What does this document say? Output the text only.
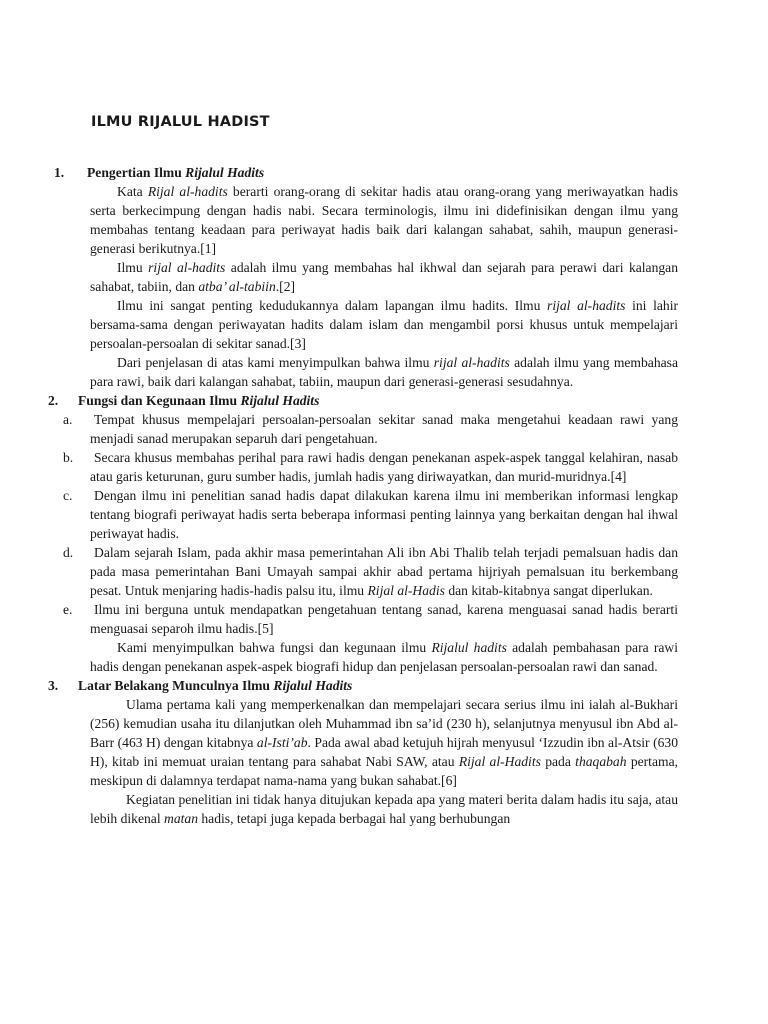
ILMU RIJALUL HADIST
1. Pengertian Ilmu Rijalul Hadits

Kata Rijal al-hadits berarti orang-orang di sekitar hadis atau orang-orang yang meriwayatkan hadis serta berkecimpung dengan hadis nabi. Secara terminologis, ilmu ini didefinisikan dengan ilmu yang membahas tentang keadaan para periwayat hadis baik dari kalangan sahabat, sahih, maupun generasi-generasi berikutnya.[1]

Ilmu rijal al-hadits adalah ilmu yang membahas hal ikhwal dan sejarah para perawi dari kalangan sahabat, tabiin, dan atba’ al-tabiin.[2]

Ilmu ini sangat penting kedudukannya dalam lapangan ilmu hadits. Ilmu rijal al-hadits ini lahir bersama-sama dengan periwayatan hadits dalam islam dan mengambil porsi khusus untuk mempelajari persoalan-persoalan di sekitar sanad.[3]

Dari penjelasan di atas kami menyimpulkan bahwa ilmu rijal al-hadits adalah ilmu yang membahasa para rawi, baik dari kalangan sahabat, tabiin, maupun dari generasi-generasi sesudahnya.

2. Fungsi dan Kegunaan Ilmu Rijalul Hadits
a. Tempat khusus mempelajari persoalan-persoalan sekitar sanad maka mengetahui keadaan rawi yang menjadi sanad merupakan separuh dari pengetahuan.

b. Secara khusus membahas perihal para rawi hadis dengan penekanan aspek-aspek tanggal kelahiran, nasab atau garis keturunan, guru sumber hadis, jumlah hadis yang diriwayatkan, dan murid-muridnya.[4]

c. Dengan ilmu ini penelitian sanad hadis dapat dilakukan karena ilmu ini memberikan informasi lengkap tentang biografi periwayat hadis serta beberapa informasi penting lainnya yang berkaitan dengan hal ihwal periwayat hadis.

d. Dalam sejarah Islam, pada akhir masa pemerintahan Ali ibn Abi Thalib telah terjadi pemalsuan hadis dan pada masa pemerintahan Bani Umayah sampai akhir abad pertama hijriyah pemalsuan itu berkembang pesat. Untuk menjaring hadis-hadis palsu itu, ilmu Rijal al-Hadis dan kitab-kitabnya sangat diperlukan.

e. Ilmu ini berguna untuk mendapatkan pengetahuan tentang sanad, karena menguasai sanad hadis berarti menguasai separoh ilmu hadis.[5]

Kami menyimpulkan bahwa fungsi dan kegunaan ilmu Rijalul hadits adalah pembahasan para rawi hadis dengan penekanan aspek-aspek biografi hidup dan penjelasan persoalan-persoalan rawi dan sanad.

3. Latar Belakang Munculnya Ilmu Rijalul Hadits

Ulama pertama kali yang memperkenalkan dan mempelajari secara serius ilmu ini ialah al-Bukhari (256) kemudian usaha itu dilanjutkan oleh Muhammad ibn sa’id (230 h), selanjutnya menyusul ibn Abd al-Barr (463 H) dengan kitabnya al-Isti’ab. Pada awal abad ketujuh hijrah menyusul ‘Izzudin ibn al-Atsir (630 H), kitab ini memuat uraian tentang para sahabat Nabi SAW, atau Rijal al-Hadits pada thaqabah pertama, meskipun di dalamnya terdapat nama-nama yang bukan sahabat.[6]

Kegiatan penelitian ini tidak hanya ditujukan kepada apa yang materi berita dalam hadis itu saja, atau lebih dikenal matan hadis, tetapi juga kepada berbagai hal yang berhubungan
